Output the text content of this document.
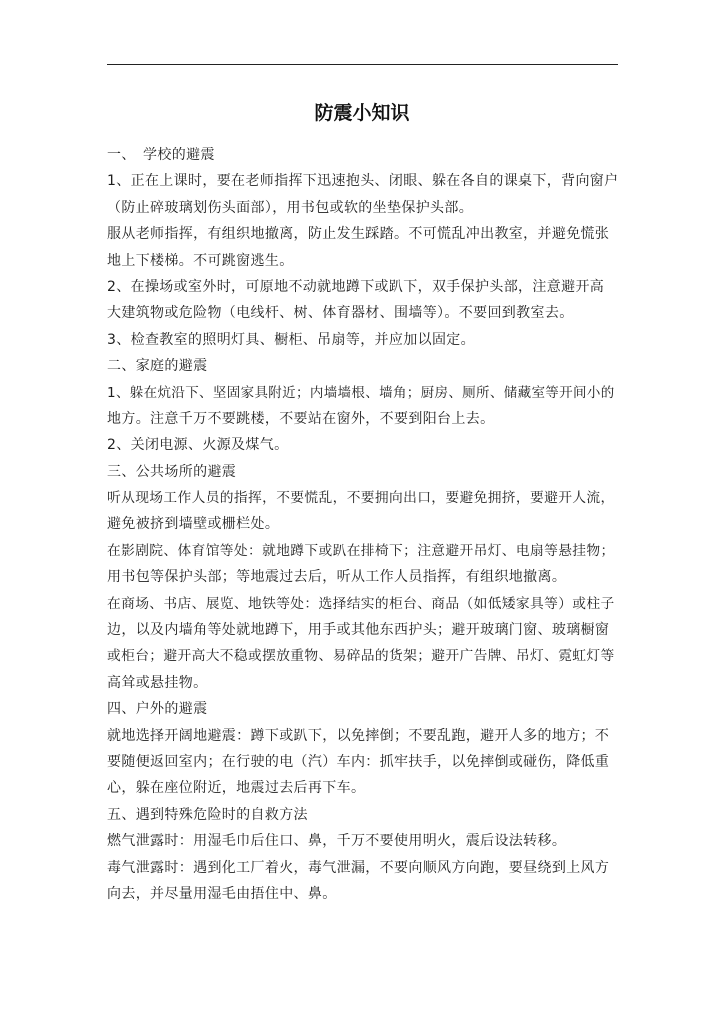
防震小知识
一、　学校的避震
1、正在上课时，要在老师指挥下迅速抱头、闭眼、躲在各自的课桌下，背向窗户
（防止碎玻璃划伤头面部），用书包或软的坐垫保护头部。
服从老师指挥，有组织地撤离，防止发生踩踏。不可慌乱冲出教室，并避免慌张
地上下楼梯。不可跳窗逃生。
2、在操场或室外时，可原地不动就地蹲下或趴下，双手保护头部，注意避开高
大建筑物或危险物（电线杆、树、体育器材、围墙等）。不要回到教室去。
3、检查教室的照明灯具、橱柜、吊扇等，并应加以固定。
二、家庭的避震
1、躲在炕沿下、坚固家具附近；内墙墙根、墙角；厨房、厕所、储藏室等开间小的
地方。注意千万不要跳楼，不要站在窗外，不要到阳台上去。
2、关闭电源、火源及煤气。
三、公共场所的避震
听从现场工作人员的指挥，不要慌乱，不要拥向出口，要避免拥挤，要避开人流，
避免被挤到墙壁或栅栏处。
在影剧院、体育馆等处：就地蹲下或趴在排椅下；注意避开吊灯、电扇等悬挂物；
用书包等保护头部；等地震过去后，听从工作人员指挥，有组织地撤离。
在商场、书店、展览、地铁等处：选择结实的柜台、商品（如低矮家具等）或柱子
边，以及内墙角等处就地蹲下，用手或其他东西护头；避开玻璃门窗、玻璃橱窗
或柜台；避开高大不稳或摆放重物、易碎品的货架；避开广告牌、吊灯、霓虹灯等
高耸或悬挂物。
四、户外的避震
就地选择开阔地避震：蹲下或趴下，以免摔倒；不要乱跑，避开人多的地方；不
要随便返回室内；在行驶的电（汽）车内：抓牢扶手，以免摔倒或碰伤，降低重
心，躲在座位附近，地震过去后再下车。
五、遇到特殊危险时的自救方法
燃气泄露时：用湿毛巾后住口、鼻，千万不要使用明火，震后设法转移。
毒气泄露时：遇到化工厂着火，毒气泄漏，不要向顺风方向跑，要昼绕到上风方
向去，并尽量用湿毛由捂住中、鼻。
